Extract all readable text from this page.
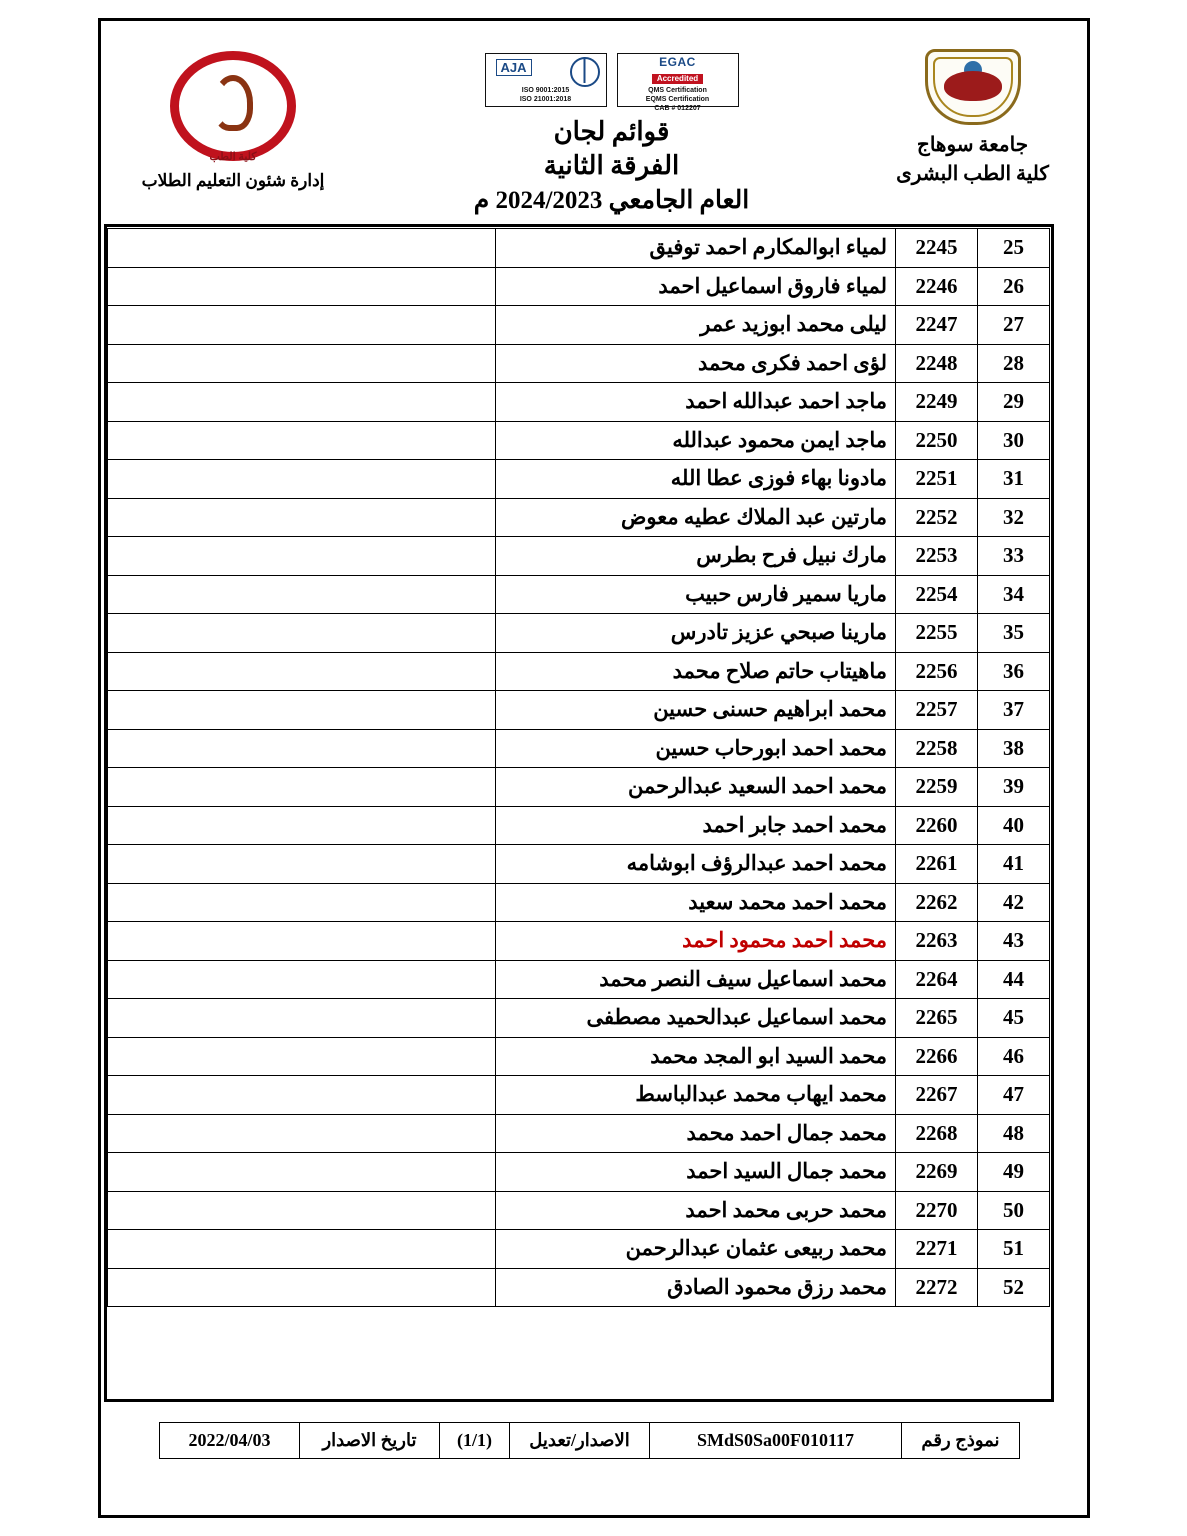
جامعة سوهاج
كلية الطب البشرى
EGAC
Accredited
QMS Certification
EQMS Certification
CAB # 012207
AJA
ISO 9001:2015
ISO 21001:2018
قوائم لجان
الفرقة الثانية
العام الجامعي 2024/2023 م
كلية الطب
إدارة شئون التعليم الطلاب
25	2245	لمياء ابوالمكارم احمد توفيق	
26	2246	لمياء فاروق اسماعيل احمد	
27	2247	ليلى محمد ابوزيد عمر	
28	2248	لؤى احمد فكرى محمد	
29	2249	ماجد احمد عبدالله احمد	
30	2250	ماجد ايمن محمود عبدالله	
31	2251	مادونا بهاء فوزى عطا الله	
32	2252	مارتين عبد الملاك عطيه معوض	
33	2253	مارك نبيل فرح بطرس	
34	2254	ماريا سمير فارس حبيب	
35	2255	مارينا صبحي عزيز تادرس	
36	2256	ماهيتاب حاتم صلاح محمد	
37	2257	محمد ابراهيم حسنى حسين	
38	2258	محمد احمد ابورحاب حسين	
39	2259	محمد احمد السعيد عبدالرحمن	
40	2260	محمد احمد جابر احمد	
41	2261	محمد احمد عبدالرؤف ابوشامه	
42	2262	محمد احمد محمد سعيد	
43	2263	محمد احمد محمود احمد	
44	2264	محمد اسماعيل سيف النصر محمد	
45	2265	محمد اسماعيل عبدالحميد مصطفى	
46	2266	محمد السيد ابو المجد محمد	
47	2267	محمد ايهاب محمد عبدالباسط	
48	2268	محمد جمال احمد محمد	
49	2269	محمد جمال السيد احمد	
50	2270	محمد حربى محمد احمد	
51	2271	محمد ربيعى عثمان عبدالرحمن	
52	2272	محمد رزق محمود الصادق	
نموذج رقم	SMdS0Sa00F010117	الاصدار/تعديل	(1/1)	تاريخ الاصدار	2022/04/03
